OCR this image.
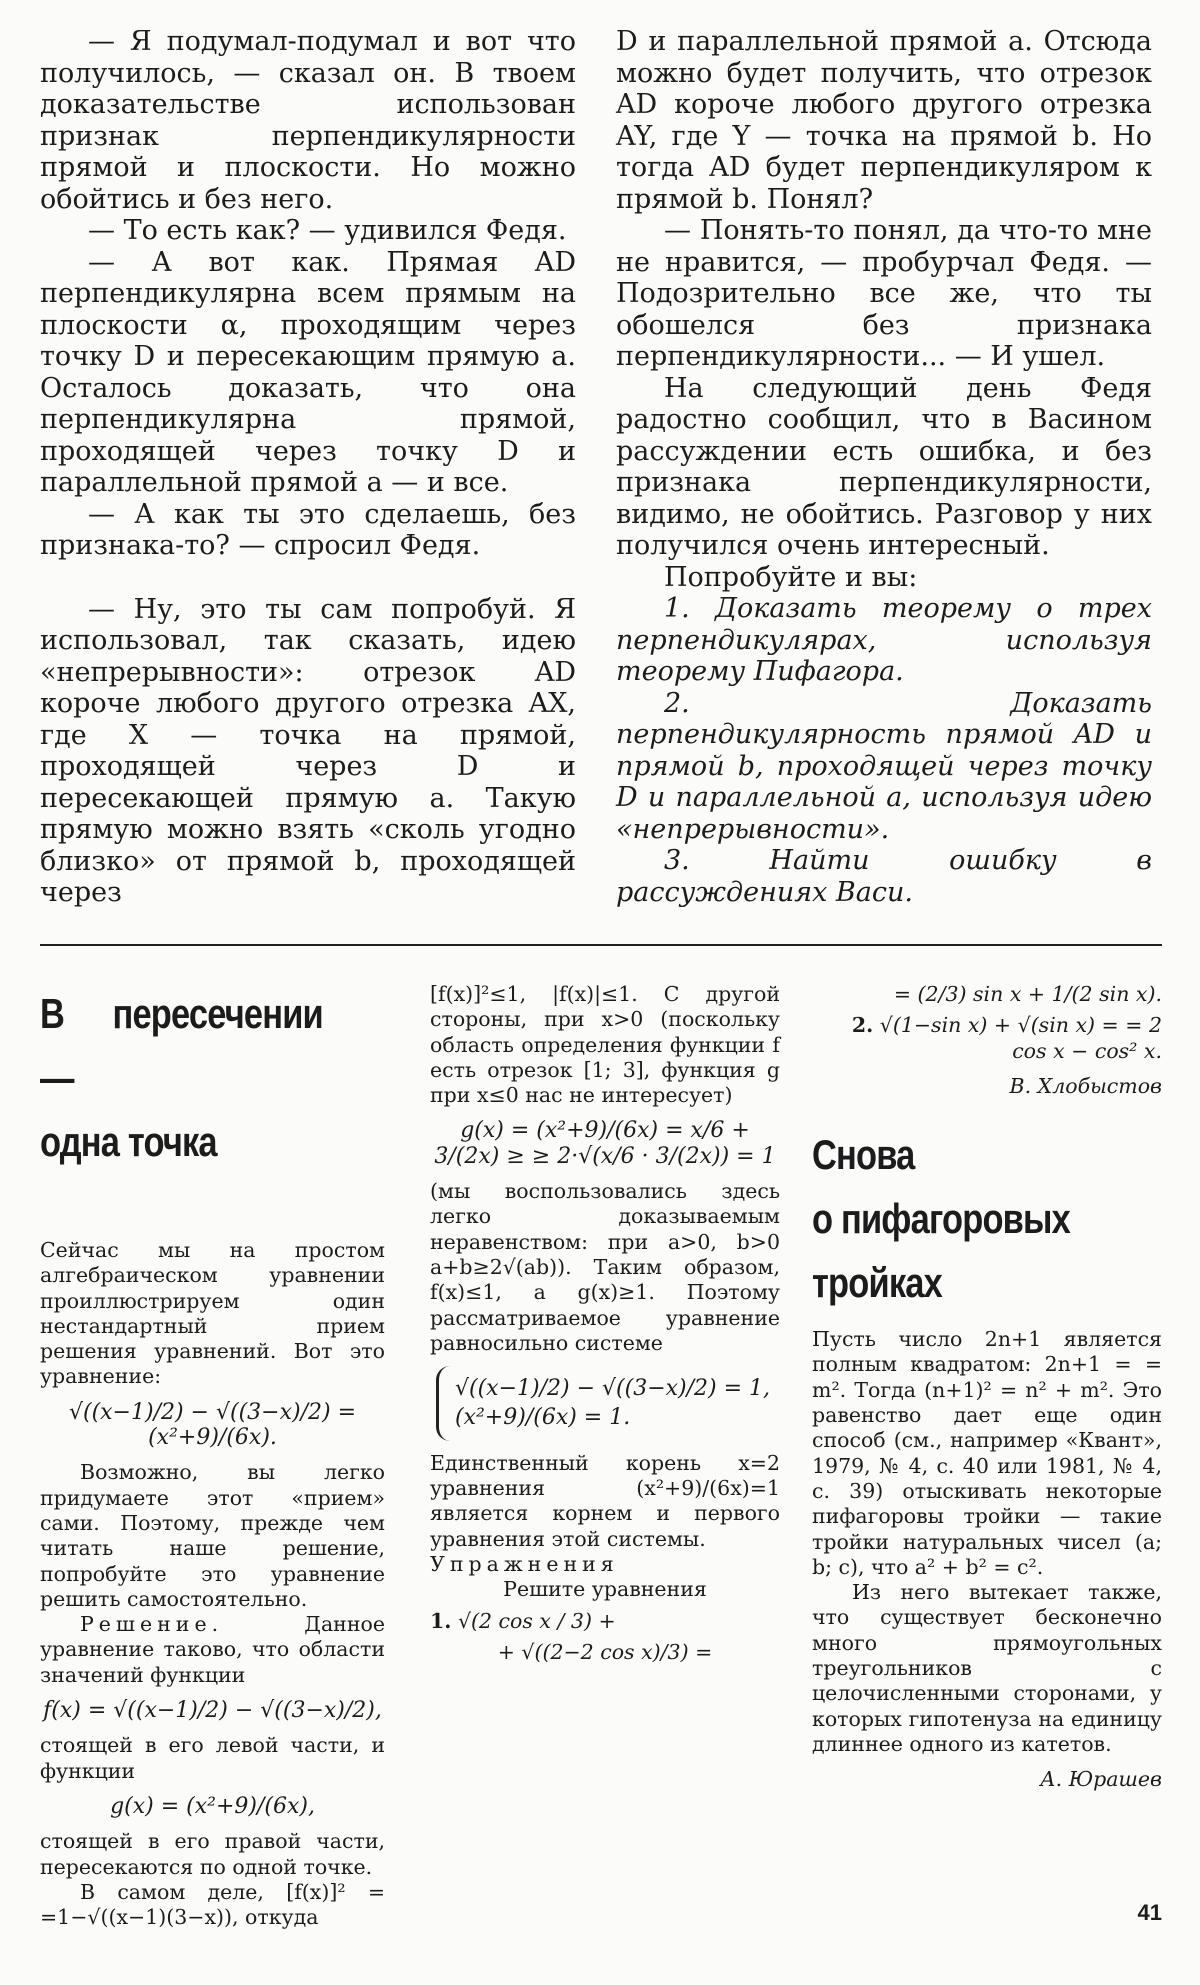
— Я подумал-подумал и вот что получилось, — сказал он. В твоем доказательстве использован признак перпендикулярности прямой и плоскости. Но можно обойтись и без него.

— То есть как? — удивился Федя.

— А вот как. Прямая AD перпендикулярна всем прямым на плоскости α, проходящим через точку D и пересекающим прямую a. Осталось доказать, что она перпендикулярна прямой, проходящей через точку D и параллельной прямой a — и все.

— А как ты это сделаешь, без признака-то? — спросил Федя.

— Ну, это ты сам попробуй. Я использовал, так сказать, идею «непрерывности»: отрезок AD короче любого другого отрезка AX, где X — точка на прямой, проходящей через D и пересекающей прямую a. Такую прямую можно взять «сколь угодно близко» от прямой b, проходящей через

D и параллельной прямой a. Отсюда можно будет получить, что отрезок AD короче любого другого отрезка AY, где Y — точка на прямой b. Но тогда AD будет перпендикуляром к прямой b. Понял?

— Понять-то понял, да что-то мне не нравится, — пробурчал Федя. — Подозрительно все же, что ты обошелся без признака перпендикулярности... — И ушел.

На следующий день Федя радостно сообщил, что в Васином рассуждении есть ошибка, и без признака перпендикулярности, видимо, не обойтись. Разговор у них получился очень интересный.

Попробуйте и вы:

1. Доказать теорему о трех перпендикулярах, используя теорему Пифагора.

2. Доказать перпендикулярность прямой AD и прямой b, проходящей через точку D и параллельной a, используя идею «непрерывности».

3. Найти ошибку в рассуждениях Васи.

В пересечении —
одна точка

Сейчас мы на простом алгебраическом уравнении проиллюстрируем один нестандартный прием решения уравнений. Вот это уравнение:

√((x−1)/2) − √((3−x)/2) = (x²+9)/(6x).

Возможно, вы легко придумаете этот «прием» сами. Поэтому, прежде чем читать наше решение, попробуйте это уравнение решить самостоятельно.

Решение.	Данное уравнение таково, что области значений функции

f(x) = √((x−1)/2) − √((3−x)/2),

стоящей в его левой части, и функции

g(x) = (x²+9)/(6x),

стоящей в его правой части, пересекаются по одной точке.

В самом деле, [f(x)]² = =1−√((x−1)(3−x)), откуда

[f(x)]²≤1, |f(x)|≤1. С другой стороны, при x>0 (поскольку область определения функции f есть отрезок [1; 3], функция g при x≤0 нас не интересует)

g(x) = (x²+9)/(6x) = x/6 + 3/(2x) ≥ ≥ 2·√(x/6 · 3/(2x)) = 1

(мы воспользовались здесь легко доказываемым неравенством: при a>0, b>0 a+b≥2√(ab)). Таким образом, f(x)≤1, а g(x)≥1. Поэтому рассматриваемое уравнение равносильно системе

√((x−1)/2) − √((3−x)/2) = 1,
(x²+9)/(6x) = 1.

Единственный корень x=2 уравнения (x²+9)/(6x)=1 является корнем и первого уравнения этой системы.

Упражнения
Решите уравнения

1. √(2 cos x / 3) +

+ √((2−2 cos x)/3) =

= (2/3) sin x + 1/(2 sin x).

2. √(1−sin x) + √(sin x) = = 2 cos x − cos² x.

В. Хлобыстов

Снова
о пифагоровых
тройках

Пусть число 2n+1 является полным квадратом: 2n+1 = = m². Тогда (n+1)² = n² + m². Это равенство дает еще один способ (см., например «Квант», 1979, № 4, с. 40 или 1981, № 4, с. 39) отыскивать некоторые пифагоровы тройки — такие тройки натуральных чисел (a; b; c), что a² + b² = c².

Из него вытекает также, что существует бесконечно много прямоугольных треугольников с целочисленными сторонами, у которых гипотенуза на единицу длиннее одного из катетов.

А. Юрашев

41
